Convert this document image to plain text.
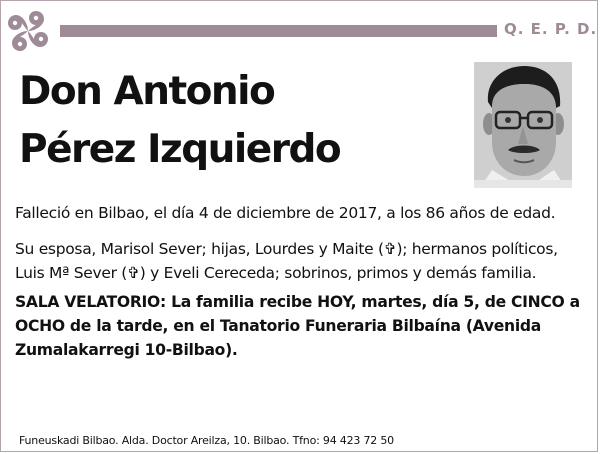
Q. E. P. D.
Don Antonio
Pérez Izquierdo

Falleció en Bilbao, el día 4 de diciembre de 2017, a los 86 años de edad.

Su esposa, Marisol Sever; hijas, Lourdes y Maite (✞); hermanos políticos, Luis Mª Sever (✞) y Eveli Cereceda; sobrinos, primos y demás familia.

SALA VELATORIO: La familia recibe HOY, martes, día 5, de CINCO a OCHO de la tarde, en el Tanatorio Funeraria Bilbaína (Avenida Zumalakarregi 10-Bilbao).

Funeuskadi Bilbao. Alda. Doctor Areilza, 10. Bilbao. Tfno: 94 423 72 50
